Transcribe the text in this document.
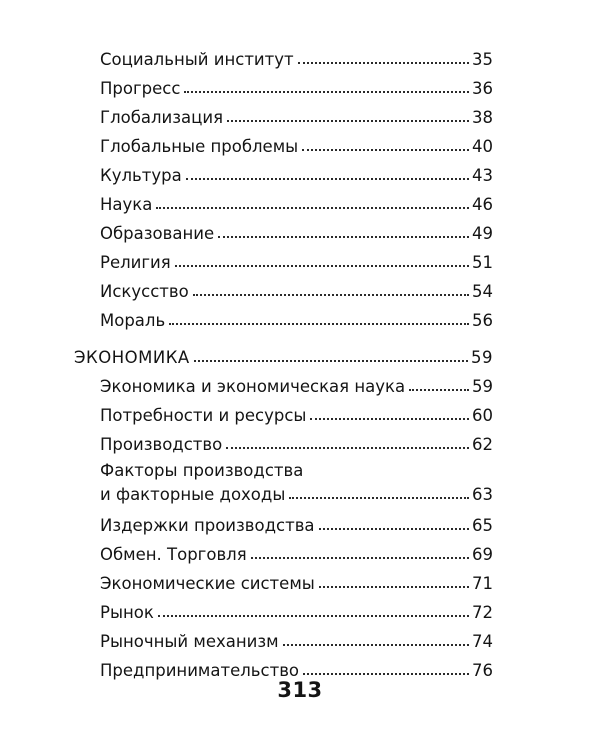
Социальный институт	35
Прогресс	36
Глобализация	38
Глобальные проблемы	40
Культура	43
Наука	46
Образование	49
Религия	51
Искусство	54
Мораль	56
ЭКОНОМИКА	59
Экономика и экономическая наука	59
Потребности и ресурсы	60
Производство	62
Факторы производства
и факторные доходы	63
Издержки производства	65
Обмен. Торговля	69
Экономические системы	71
Рынок	72
Рыночный механизм	74
Предпринимательство	76
313
